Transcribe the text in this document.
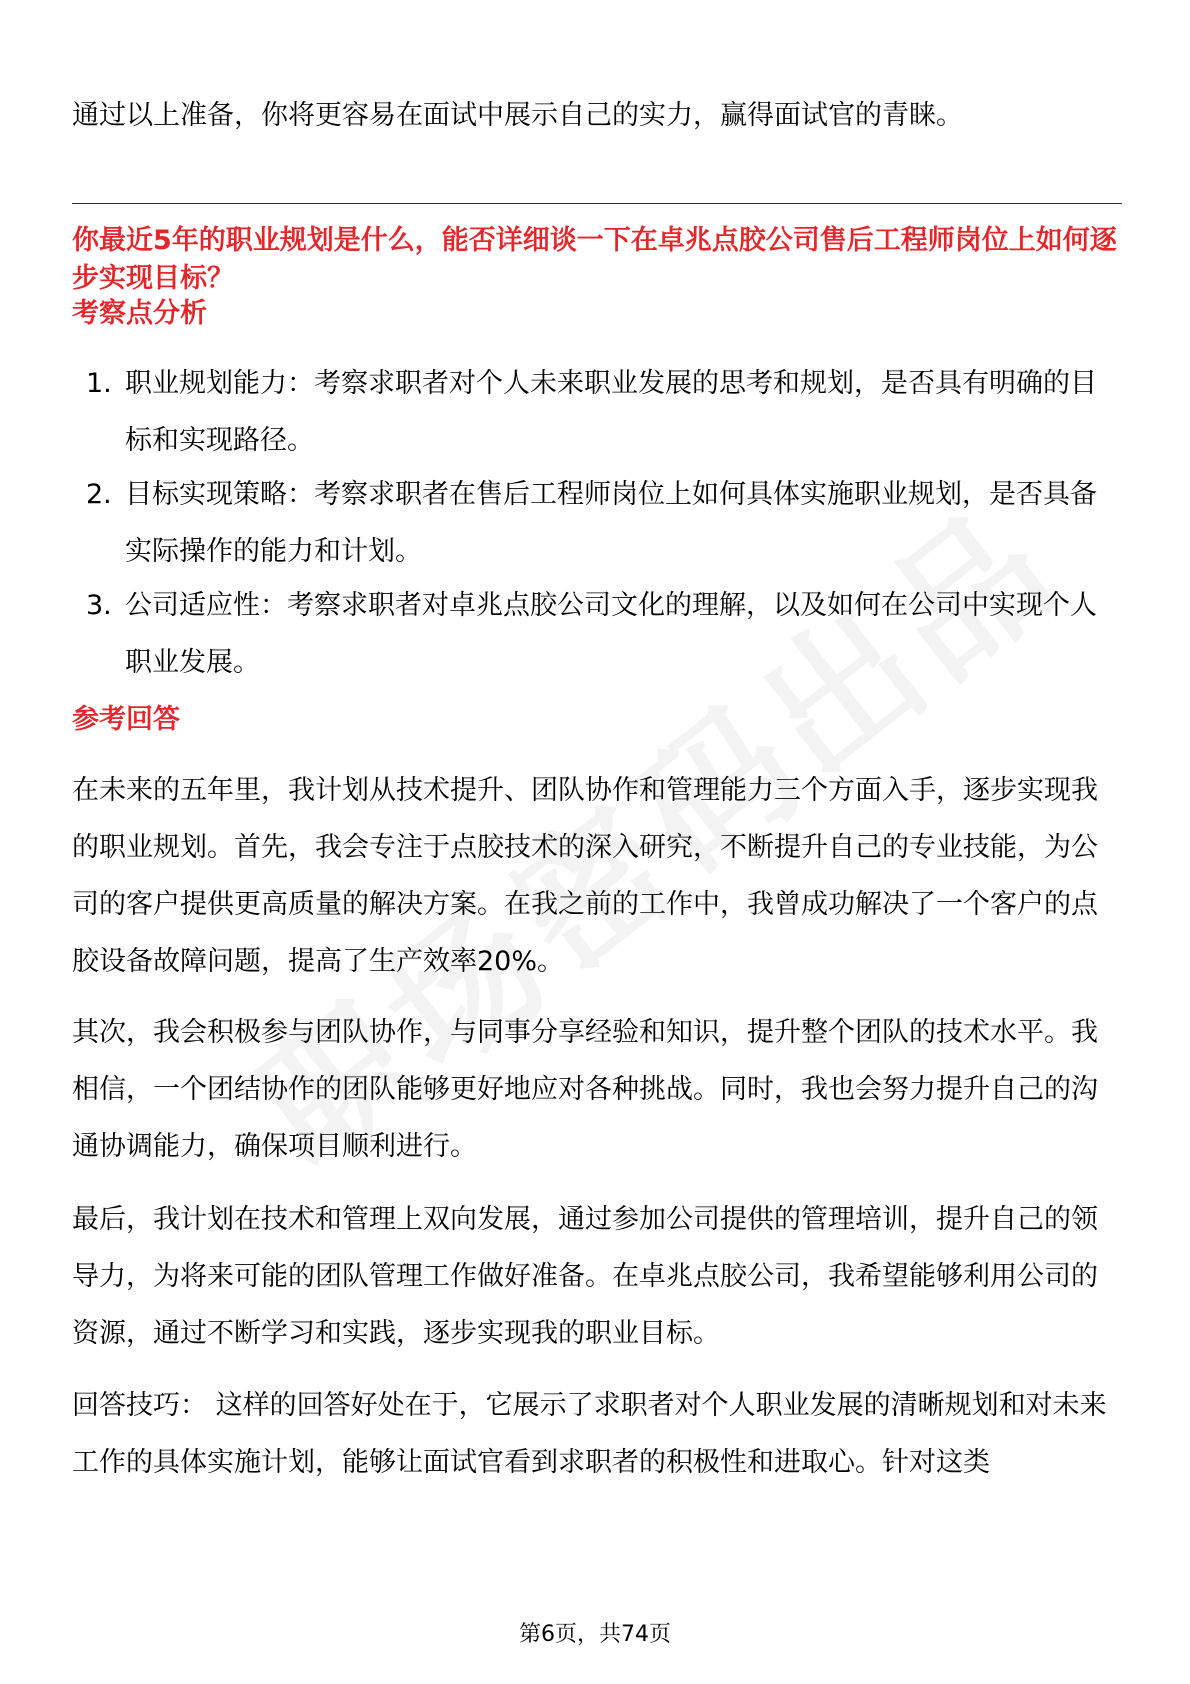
通过以上准备，你将更容易在面试中展示自己的实力，赢得面试官的青睐。

你最近5年的职业规划是什么，能否详细谈一下在卓兆点胶公司售后工程师岗位上如何逐步实现目标？

考察点分析
1. 职业规划能力：考察求职者对个人未来职业发展的思考和规划，是否具有明确的目标和实现路径。
2. 目标实现策略：考察求职者在售后工程师岗位上如何具体实施职业规划，是否具备实际操作的能力和计划。
3. 公司适应性：考察求职者对卓兆点胶公司文化的理解，以及如何在公司中实现个人职业发展。
参考回答

在未来的五年里，我计划从技术提升、团队协作和管理能力三个方面入手，逐步实现我的职业规划。首先，我会专注于点胶技术的深入研究，不断提升自己的专业技能，为公司的客户提供更高质量的解决方案。在我之前的工作中，我曾成功解决了一个客户的点胶设备故障问题，提高了生产效率20%。

其次，我会积极参与团队协作，与同事分享经验和知识，提升整个团队的技术水平。我相信，一个团结协作的团队能够更好地应对各种挑战。同时，我也会努力提升自己的沟通协调能力，确保项目顺利进行。

最后，我计划在技术和管理上双向发展，通过参加公司提供的管理培训，提升自己的领导力，为将来可能的团队管理工作做好准备。在卓兆点胶公司，我希望能够利用公司的资源，通过不断学习和实践，逐步实现我的职业目标。

回答技巧： 这样的回答好处在于，它展示了求职者对个人职业发展的清晰规划和对未来工作的具体实施计划，能够让面试官看到求职者的积极性和进取心。针对这类

第6页，共74页
